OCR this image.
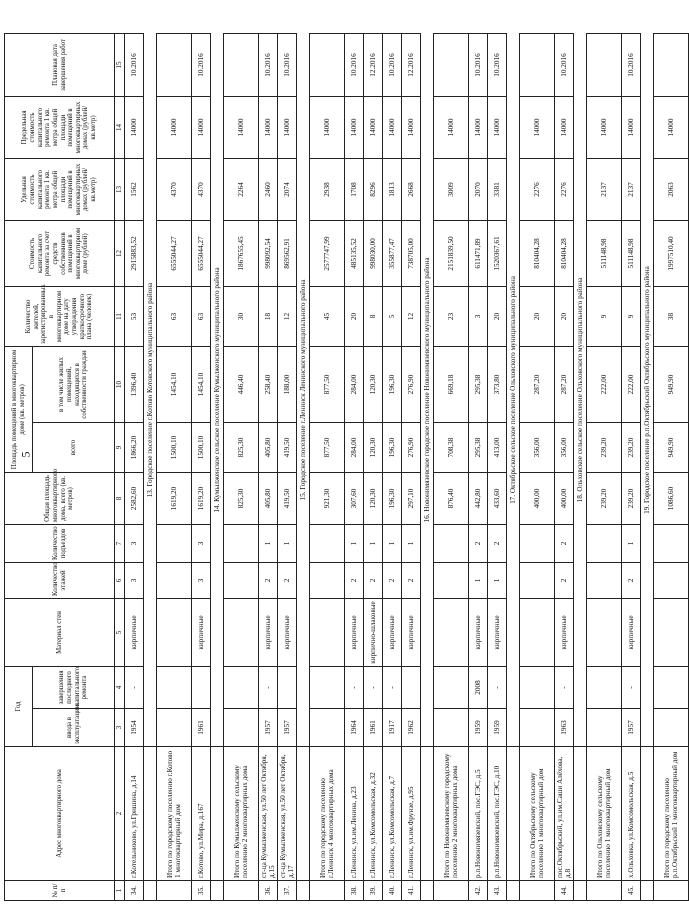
5
№ п/п	Адрес многоквартирного дома	Год		Материал стен	Количество этажей	Количество подъездов	Общая площадь многоквартирного дома, всего (кв. метров)	Площадь помещений в многоквартирном доме (кв. метров)		Количество жителей, зарегистрированных в многоквартирном доме на дату утверждения краткосрочного плана (человек)	Стоимость капитального ремонта за счет средств собственников помещений в многоквартирном доме (рублей)	Удельная стоимость капитального ремонта 1 кв. метра общей площади помещений в многоквартирных домах (рублей/кв.метр)	Предельная стоимость капитального ремонта 1 кв. метра общей площади помещений в многоквартирных домах (рублей/кв.метр)	Плановая дата завершения работ
		ввода в эксплуатацию	завершения последнего капитального ремонта					всего	в том числе жилых помещений, находящихся в собственности граждан					
1	2	3	4	5	6	7	8	9	10	11	12	13	14	15
34.	г.Котельниково, ул.Гришина, д.14	1954	-	кирпичные	3	3	2582,60	1866,20	1396,40	53	2915883,52	1562	14000	10.2016
		13. Городское поселение г.Котово Котовского муниципального района												
	Итого по городскому поселению г.Котово 1 многоквартирный дом						1619,20	1500,10	1454,10	63	6555044,27	4370	14000	
35.	г.Котово, ул.Мира, д.167	1961		кирпичные	3	3	1619,20	1500,10	1454,10	63	6555044,27	4370	14000	10.2016
		14. Кумылженское сельское поселение Кумылженского муниципального района												
	Итого по Кумылженскому сельскому поселению 2 многоквартирных дома						825,30	825,30	446,40	30	1867655,45	2264	14000	
36.	ст-ца Кумылженская, ул.50 лет Октября, д.15	1957	-	кирпичные	2	1	405,80	405,80	258,40	18	998092,54	2460	14000	10.2016
37.	ст-ца Кумылженская, ул.50 лет Октября, д.17	1957		кирпичные	2	1	419,50	419,50	188,00	12	869562,91	2074	14000	10.2016
		15. Городское поселение г.Ленинск Ленинского муниципального района												
	Итого по городскому поселению г.Ленинск 4 многоквартирных дома						921,30	877,50	877,50	45	2577747,99	2938	14000	
38.	г.Ленинск, ул.им.Ленина, д.23	1964	-	кирпичные	2	1	307,60	284,00	284,00	20	485135,52	1708	14000	10.2016
39.	г.Ленинск, ул.Комсомольская, д.32	1961	-	кирпично-шлаковые	2	1	120,30	120,30	120,30	8	998030,00	8296	14000	12.2016
40.	г.Ленинск, ул.Комсомольская, д.7	1917	-	кирпичные	2	1	196,30	196,30	196,30	5	355877,47	1813	14000	10.2016
41.	г.Ленинск, ул.им.Фрунзе, д.95	1962		кирпичные	2	1	297,10	276,90	276,90	12	738705,00	2668	14000	12.2016
		16. Новонимязевское городское поселение Новонимязевского муниципального района												
	Итого по Новонимязевскому городскому поселению 2 многоквартирных дома						876,40	708,38	669,18	23	2151839,50	3009	14000	
42.	р.п.Новонимязевский, пос.ГЭС, д.5	1959	2008	кирпичные	1	2	442,80	295,38	295,38	3	611471,89	2070	14000	10.2016
43.	р.п.Новонимязевский, пос.ГЭС, д.10	1959	-	кирпичные	1	2	433,60	413,00	373,80	20	1520367,61	3381	14000	10.2016
		17. Октябрьское сельское поселение Ольховского муниципального района												
	Итого по Октябрьскому сельскому поселению 1 многоквартирный дом						400,00	356,00	287,20	20	810404,28	2276	14000	
44.	пос.Октябрьский, ул.им.Саши Алёхова, д.8	1963	-	кирпичные	2	2	400,00	356,00	287,20	20	810404,28	2276	14000	10.2016
		18. Ольховское сельское поселение Ольховского муниципального района												
	Итого по Ольховскому сельскому поселению 1 многоквартирный дом						239,20	239,20	222,00	9	511148,98	2137	14000	
45.	х.Ольховка, ул.Комсомольская, д.5	1957	-	кирпичные	2	1	239,20	239,20	222,00	9	511148,98	2137	14000	10.2016
		19. Городское поселение р.п.Октябрьский Октябрьского муниципального района												
	Итого по городскому поселению р.п.Октябрьский 1 многоквартирный дом						1086,60	949,90	949,90	38	1997510,40	2063	14000	
